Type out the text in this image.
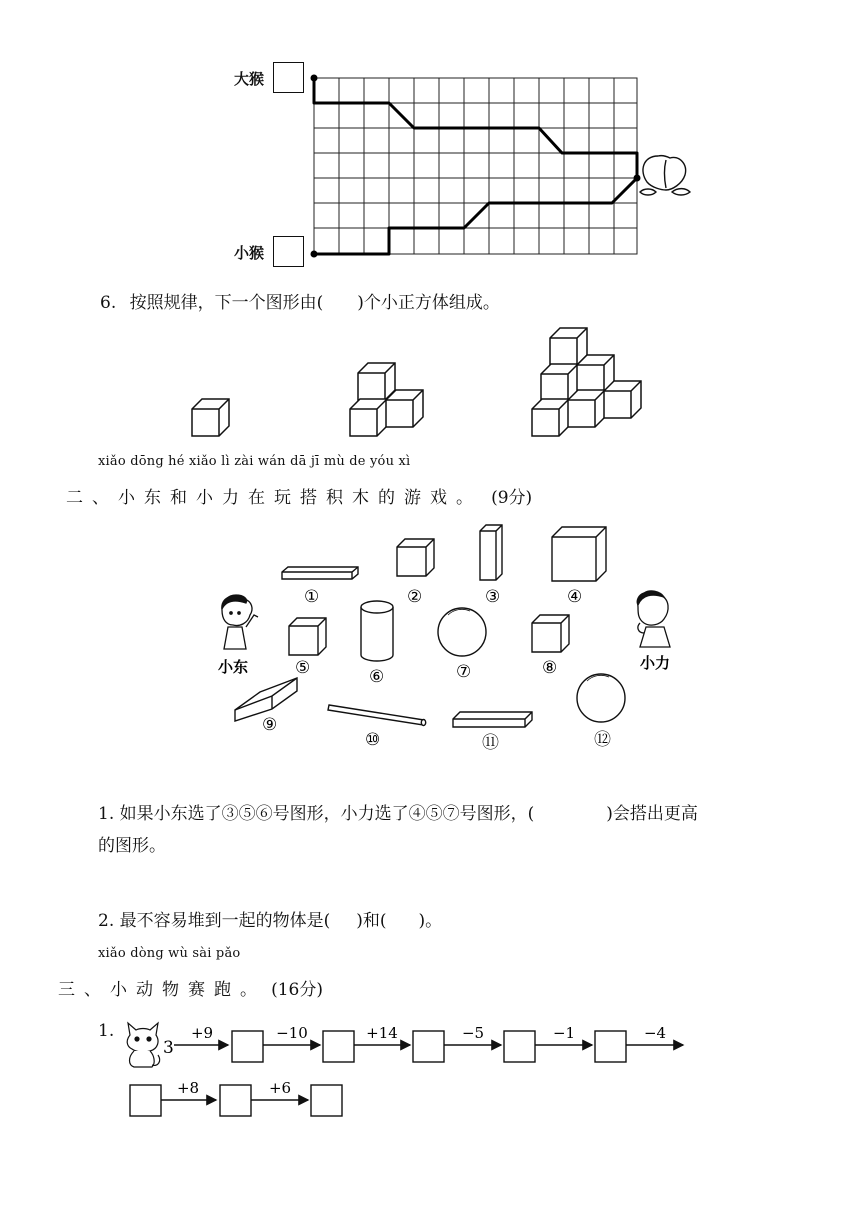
大猴
小猴
6. 按照规律，下一个图形由( )个小正方体组成。
xiǎo dōng hé xiǎo lì zài wán dā jī mù de yóu xì
二、小东和小力在玩搭积木的游戏。 (9分)
小东	小力
①	②	③	④
⑤	⑥	⑦	⑧
⑨
⑩	⑪	⑫
1. 如果小东选了③⑤⑥号图形，小力选了④⑤⑦号图形，(	)会搭出更高
的图形。
2. 最不容易堆到一起的物体是( )和( )。
xiǎo dòng wù sài pǎo
三、小动物赛跑。 (16分)
1.
3
+9	−10	+14	−5	−1	−4
+8	+6
